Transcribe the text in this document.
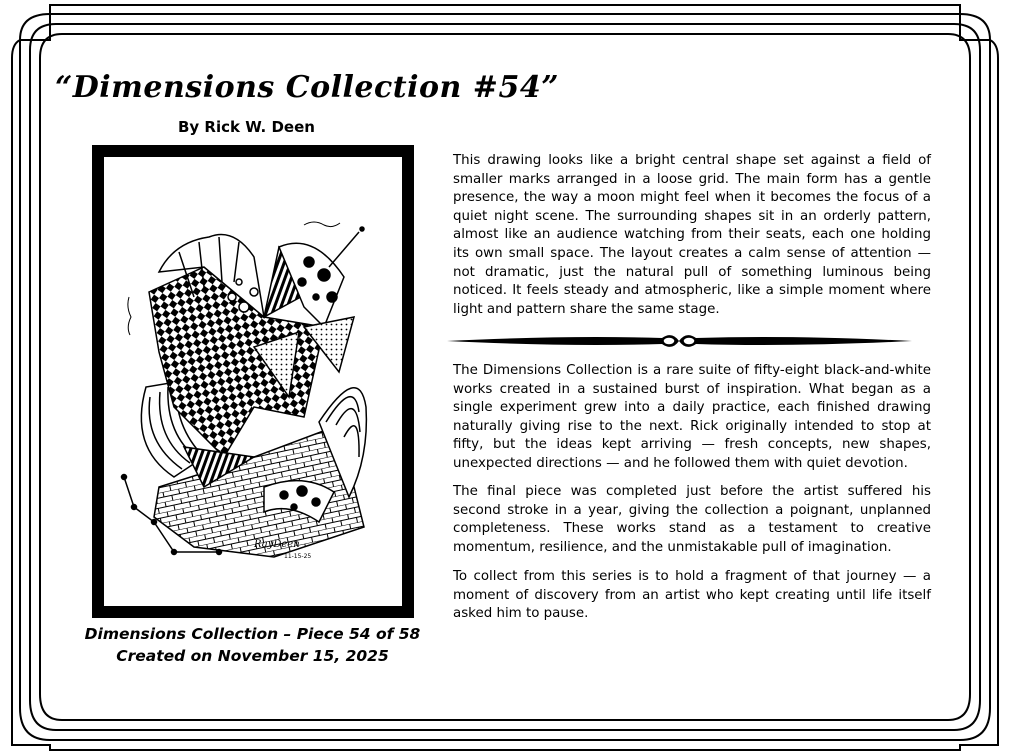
“Dimensions Collection #54”
By Rick W. Deen
RayDeen
11-15-25
Dimensions Collection – Piece 54 of 58
Created on November 15, 2025

This drawing looks like a bright central shape set against a field of smaller marks arranged in a loose grid. The main form has a gentle presence, the way a moon might feel when it becomes the focus of a quiet night scene. The surrounding shapes sit in an orderly pattern, almost like an audience watching from their seats, each one holding its own small space. The layout creates a calm sense of attention — not dramatic, just the natural pull of something luminous being noticed. It feels steady and atmospheric, like a simple moment where light and pattern share the same stage.

The Dimensions Collection is a rare suite of fifty-eight black-and-white works created in a sustained burst of inspiration. What began as a single experiment grew into a daily practice, each finished drawing naturally giving rise to the next. Rick originally intended to stop at fifty, but the ideas kept arriving — fresh concepts, new shapes, unexpected directions — and he followed them with quiet devotion.

The final piece was completed just before the artist suffered his second stroke in a year, giving the collection a poignant, unplanned completeness. These works stand as a testament to creative momentum, resilience, and the unmistakable pull of imagination.

To collect from this series is to hold a fragment of that journey — a moment of discovery from an artist who kept creating until life itself asked him to pause.
